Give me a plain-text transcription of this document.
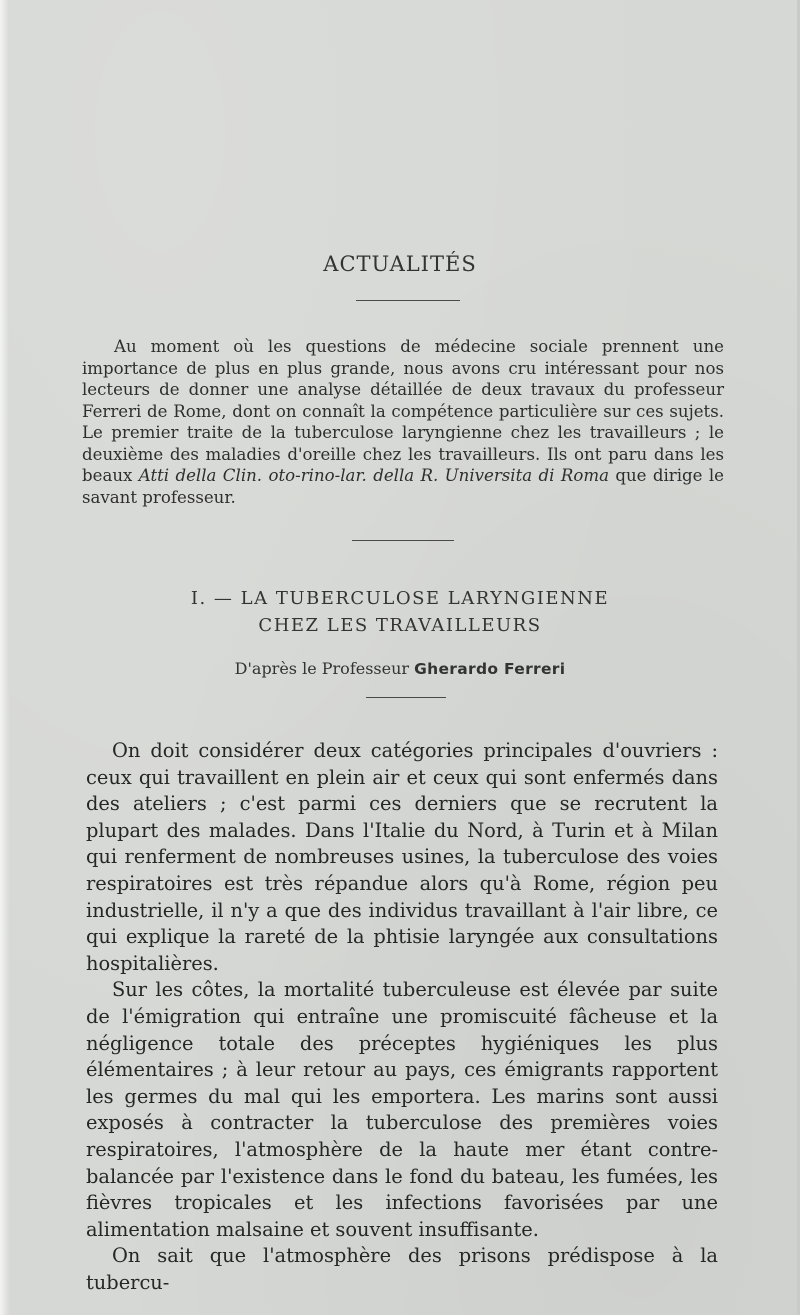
ACTUALITÉS

Au moment où les questions de médecine sociale prennent une importance de plus en plus grande, nous avons cru intéressant pour nos lecteurs de donner une analyse détaillée de deux travaux du professeur Ferreri de Rome, dont on connaît la compétence particulière sur ces sujets. Le premier traite de la tuberculose laryngienne chez les travailleurs ; le deuxième des maladies d'oreille chez les travailleurs. Ils ont paru dans les beaux Atti della Clin. oto-rino-lar. della R. Universita di Roma que dirige le savant professeur.

I. — LA TUBERCULOSE LARYNGIENNE
CHEZ LES TRAVAILLEURS
D'après le Professeur Gherardo Ferreri

On doit considérer deux catégories principales d'ouvriers : ceux qui travaillent en plein air et ceux qui sont enfermés dans des ateliers ; c'est parmi ces derniers que se recrutent la plupart des malades. Dans l'Italie du Nord, à Turin et à Milan qui renferment de nombreuses usines, la tuberculose des voies respiratoires est très répandue alors qu'à Rome, région peu industrielle, il n'y a que des individus travaillant à l'air libre, ce qui explique la rareté de la phtisie laryngée aux consultations hospitalières.

Sur les côtes, la mortalité tuberculeuse est élevée par suite de l'émigration qui entraîne une promiscuité fâcheuse et la négligence totale des préceptes hygiéniques les plus élémentaires ; à leur retour au pays, ces émigrants rapportent les germes du mal qui les emportera. Les marins sont aussi exposés à contracter la tuberculose des premières voies respiratoires, l'atmosphère de la haute mer étant contre-balancée par l'existence dans le fond du bateau, les fumées, les fièvres tropicales et les infections favorisées par une alimentation malsaine et souvent insuffisante.

On sait que l'atmosphère des prisons prédispose à la tubercu-
